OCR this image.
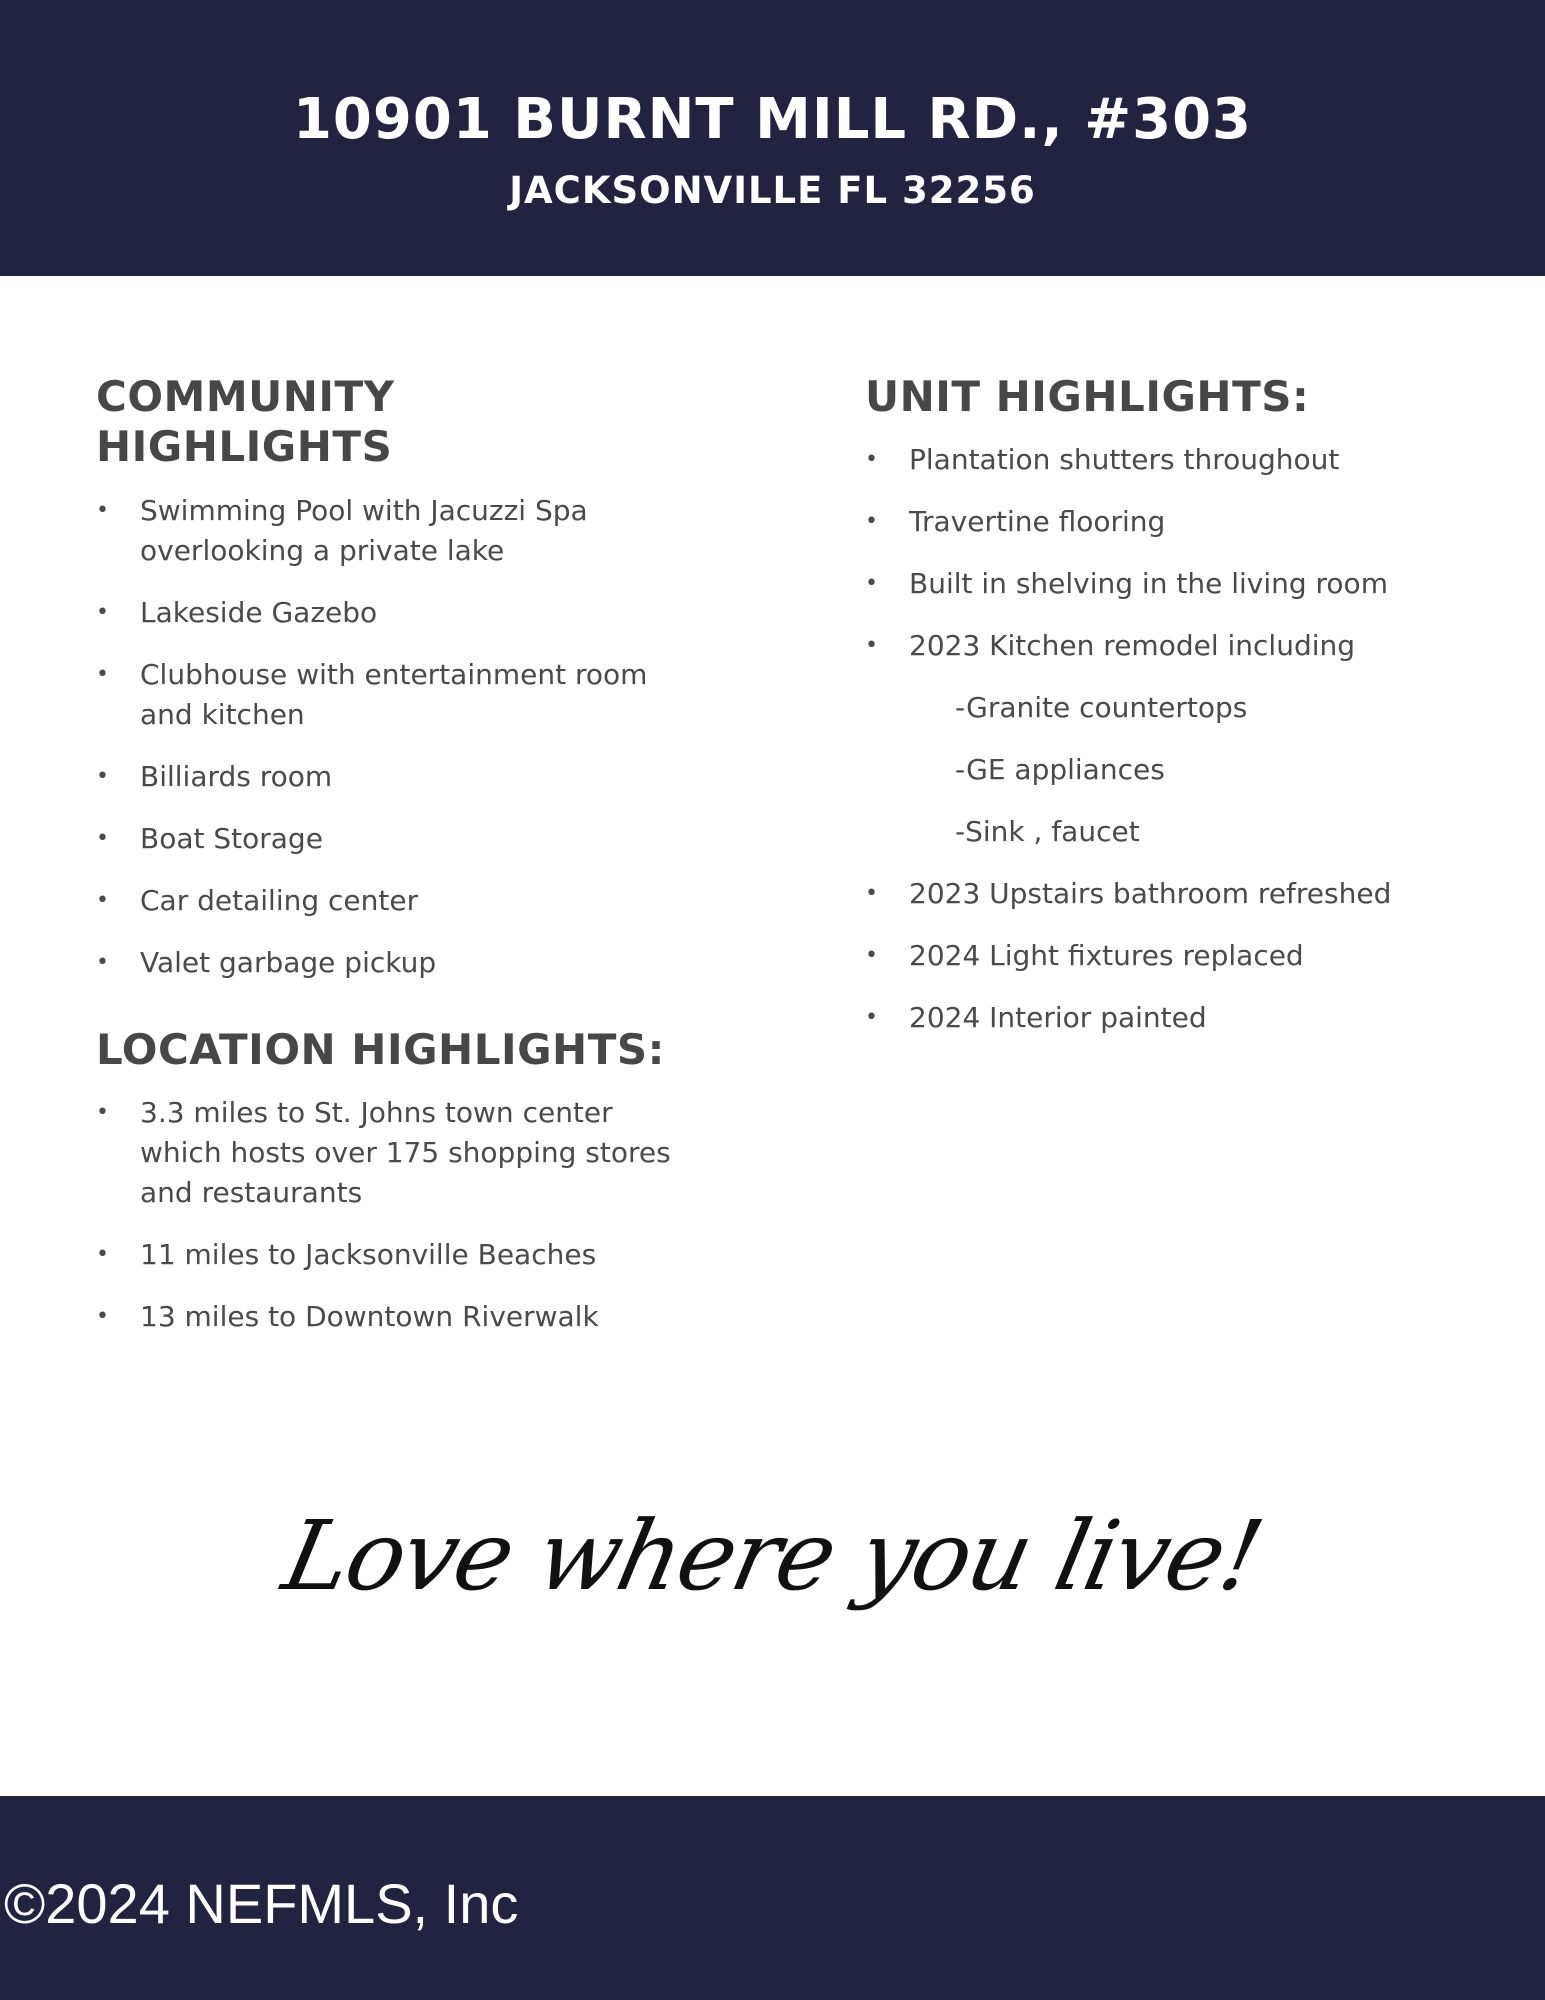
10901 BURNT MILL RD., #303
JACKSONVILLE FL 32256
COMMUNITY HIGHLIGHTS
• Swimming Pool with Jacuzzi Spa overlooking a private lake
• Lakeside Gazebo
• Clubhouse with entertainment room and kitchen
• Billiards room
• Boat Storage
• Car detailing center
• Valet garbage pickup
LOCATION HIGHLIGHTS:
• 3.3 miles to St. Johns town center which hosts over 175 shopping stores and restaurants
• 11 miles to Jacksonville Beaches
• 13 miles to Downtown Riverwalk
UNIT HIGHLIGHTS:
• Plantation shutters throughout
• Travertine flooring
• Built in shelving in the living room
• 2023 Kitchen remodel including
-Granite countertops
-GE appliances
-Sink , faucet
• 2023 Upstairs bathroom refreshed
• 2024 Light fixtures replaced
• 2024 Interior painted
Love where you live!
©2024 NEFMLS, Inc
